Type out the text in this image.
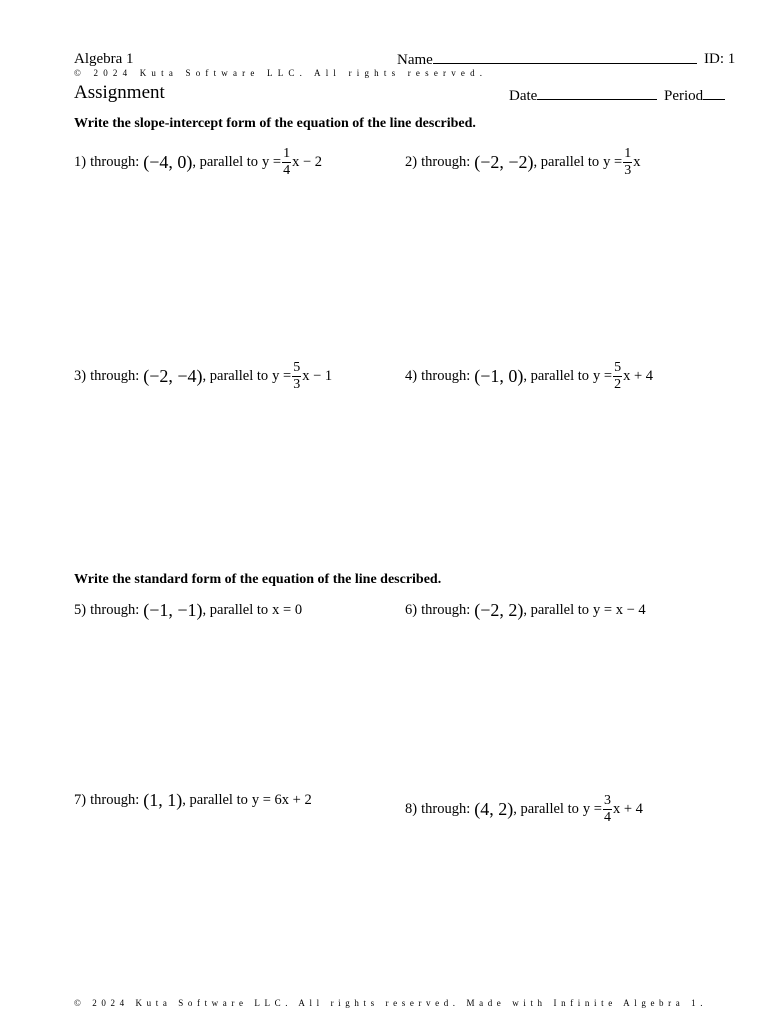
Algebra 1	Name	ID: 1
© 2024 Kuta Software LLC. All rights reserved.
Assignment	Date	Period
Write the slope-intercept form of the equation of the line described.
1) through: (−4, 0) , parallel to $y = \frac{1}{4}$ x − 2	2) through: (−2, −2) , parallel to $y = \frac{1}{3}$ x
3) through: (−2, −4) , parallel to $y = \frac{5}{3}$ x − 1	4) through: (−1, 0) , parallel to $y = \frac{5}{2}$ x + 4
Write the standard form of the equation of the line described.
5) through: (−1, −1) , parallel to x = 0	6) through: (−2, 2) , parallel to y = x − 4
7) through: (1, 1) , parallel to y = 6x + 2
8) through: (4, 2) , parallel to $y = \frac{3}{4}$ x + 4
© 2024 Kuta Software LLC. All rights reserved. Made with Infinite Algebra 1.
